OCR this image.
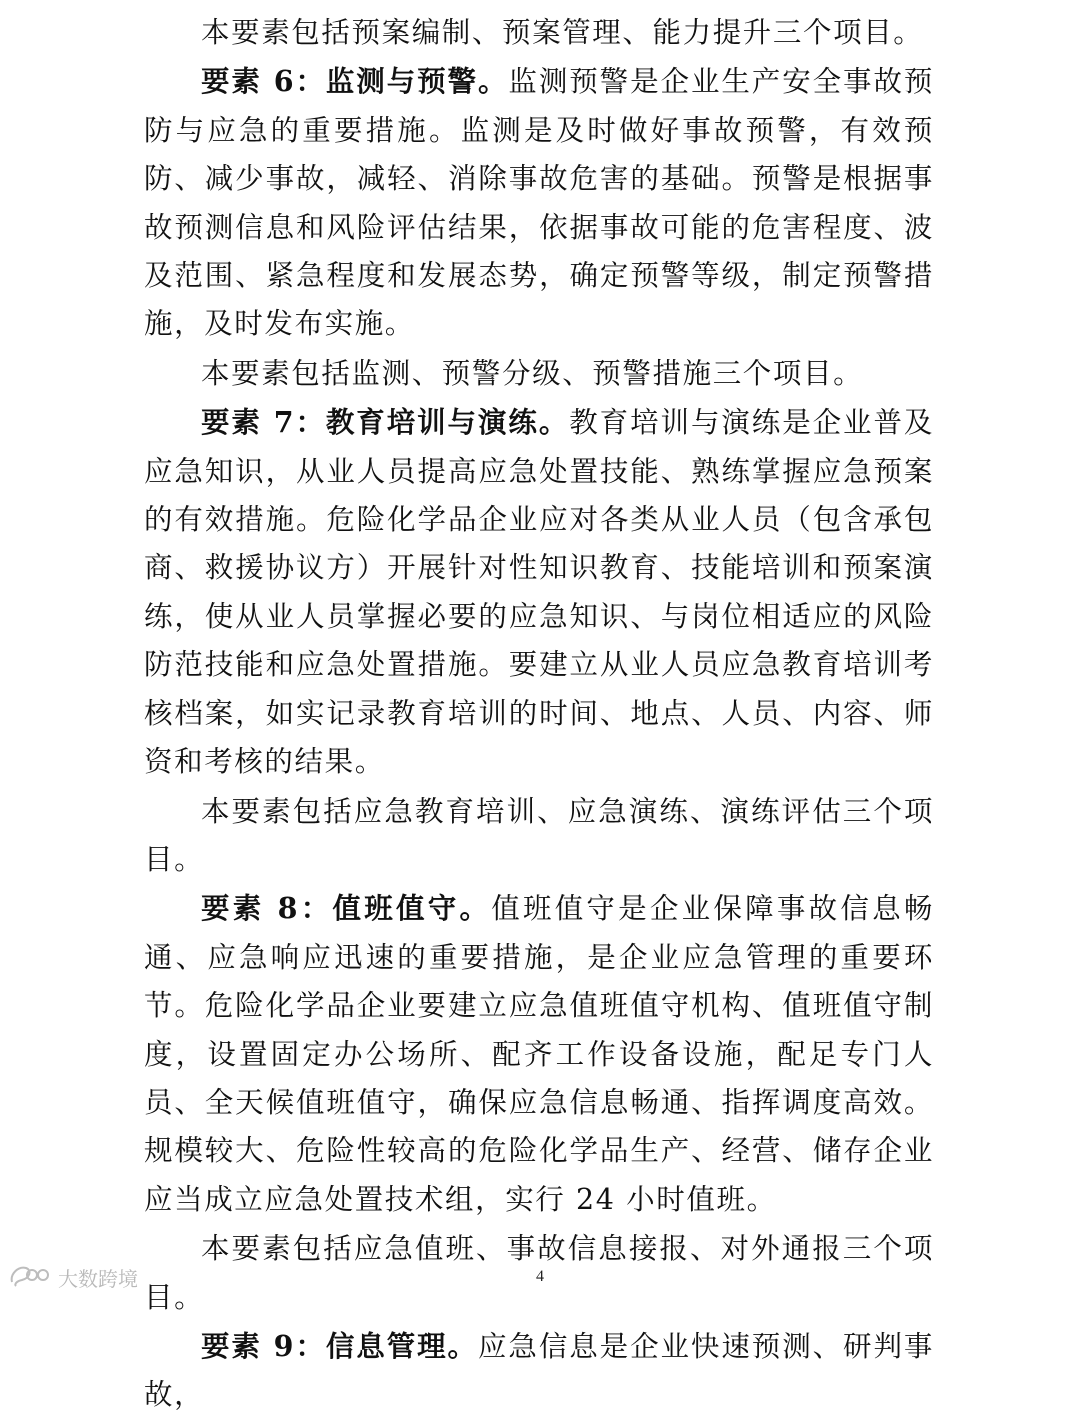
本要素包括预案编制、预案管理、能力提升三个项目。

要素 6：监测与预警。监测预警是企业生产安全事故预防与应急的重要措施。监测是及时做好事故预警，有效预防、减少事故，减轻、消除事故危害的基础。预警是根据事故预测信息和风险评估结果，依据事故可能的危害程度、波及范围、紧急程度和发展态势，确定预警等级，制定预警措施，及时发布实施。

本要素包括监测、预警分级、预警措施三个项目。

要素 7：教育培训与演练。教育培训与演练是企业普及应急知识，从业人员提高应急处置技能、熟练掌握应急预案的有效措施。危险化学品企业应对各类从业人员（包含承包商、救援协议方）开展针对性知识教育、技能培训和预案演练，使从业人员掌握必要的应急知识、与岗位相适应的风险防范技能和应急处置措施。要建立从业人员应急教育培训考核档案，如实记录教育培训的时间、地点、人员、内容、师资和考核的结果。

本要素包括应急教育培训、应急演练、演练评估三个项目。

要素 8：值班值守。值班值守是企业保障事故信息畅通、应急响应迅速的重要措施，是企业应急管理的重要环节。危险化学品企业要建立应急值班值守机构、值班值守制度，设置固定办公场所、配齐工作设备设施，配足专门人员、全天候值班值守，确保应急信息畅通、指挥调度高效。规模较大、危险性较高的危险化学品生产、经营、储存企业应当成立应急处置技术组，实行 24 小时值班。

本要素包括应急值班、事故信息接报、对外通报三个项目。

要素 9：信息管理。应急信息是企业快速预测、研判事故，

大数跨境	4
